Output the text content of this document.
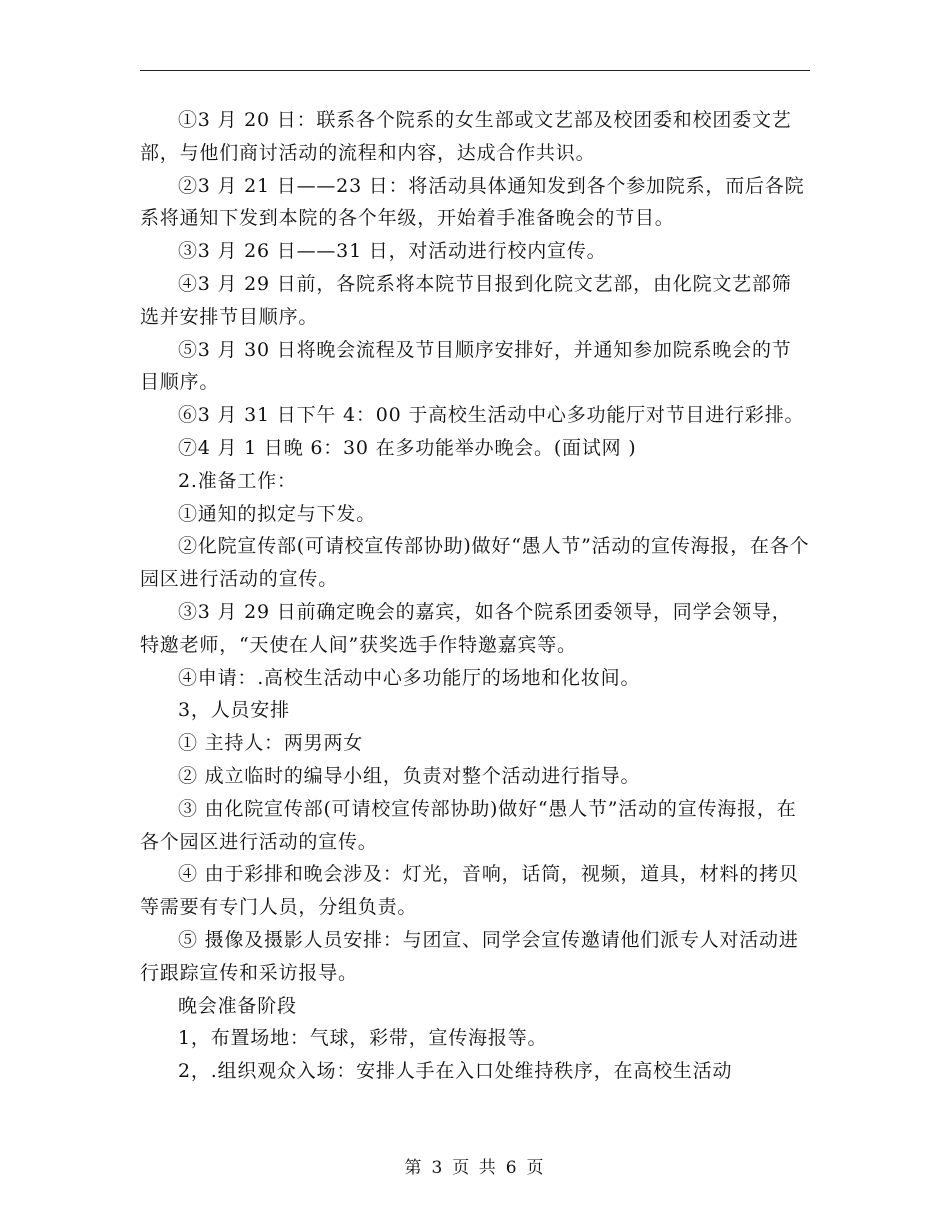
①3 月 20 日：联系各个院系的女生部或文艺部及校团委和校团委文艺部，与他们商讨活动的流程和内容，达成合作共识。

②3 月 21 日——23 日：将活动具体通知发到各个参加院系，而后各院系将通知下发到本院的各个年级，开始着手准备晚会的节目。

③3 月 26 日——31 日，对活动进行校内宣传。

④3 月 29 日前，各院系将本院节目报到化院文艺部，由化院文艺部筛选并安排节目顺序。

⑤3 月 30 日将晚会流程及节目顺序安排好，并通知参加院系晚会的节目顺序。

⑥3 月 31 日下午 4：00 于高校生活动中心多功能厅对节目进行彩排。

⑦4 月 1 日晚 6：30 在多功能举办晚会。(面试网 )

2.准备工作：

①通知的拟定与下发。

②化院宣传部(可请校宣传部协助)做好“愚人节”活动的宣传海报，在各个园区进行活动的宣传。

③3 月 29 日前确定晚会的嘉宾，如各个院系团委领导，同学会领导，特邀老师，“天使在人间”获奖选手作特邀嘉宾等。

④申请：.高校生活动中心多功能厅的场地和化妆间。

3，人员安排

① 主持人：两男两女

② 成立临时的编导小组，负责对整个活动进行指导。

③ 由化院宣传部(可请校宣传部协助)做好“愚人节”活动的宣传海报，在各个园区进行活动的宣传。

④ 由于彩排和晚会涉及：灯光，音响，话筒，视频，道具，材料的拷贝等需要有专门人员，分组负责。

⑤ 摄像及摄影人员安排：与团宣、同学会宣传邀请他们派专人对活动进行跟踪宣传和采访报导。

晚会准备阶段

1，布置场地：气球，彩带，宣传海报等。

2，.组织观众入场：安排人手在入口处维持秩序，在高校生活动

第 3 页 共 6 页
